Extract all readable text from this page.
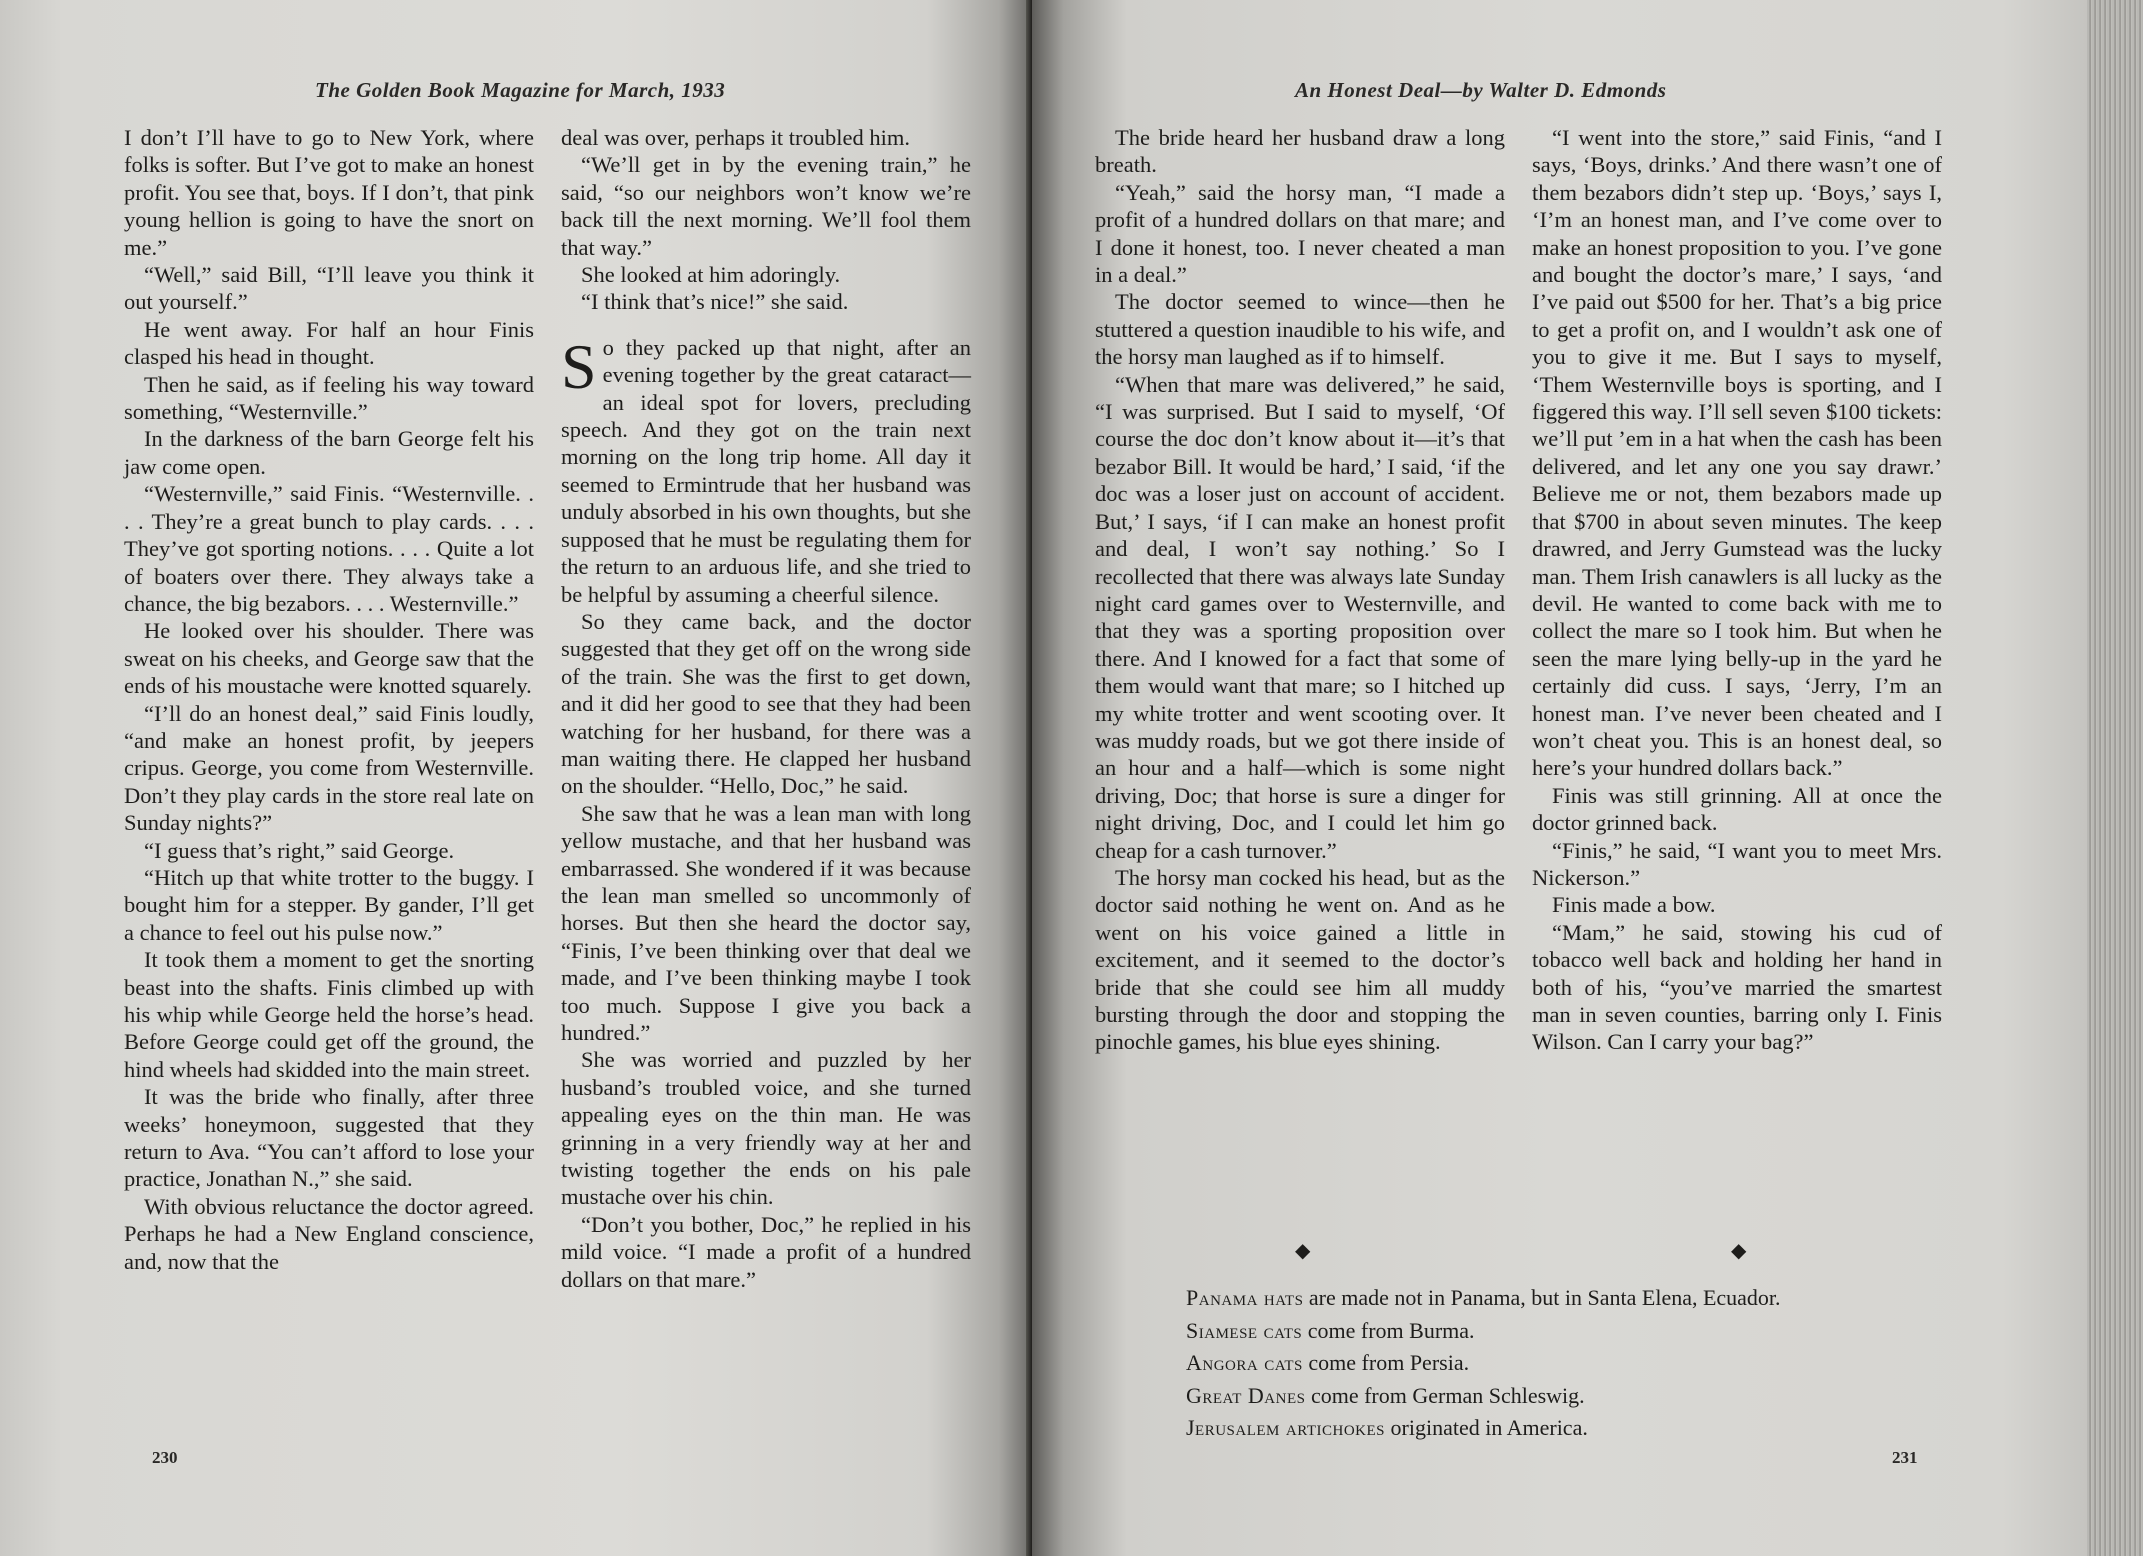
The Golden Book Magazine for March, 1933

I don’t I’ll have to go to New York, where folks is softer. But I’ve got to make an honest profit. You see that, boys. If I don’t, that pink young hellion is going to have the snort on me.”

“Well,” said Bill, “I’ll leave you think it out yourself.”

He went away. For half an hour Finis clasped his head in thought.

Then he said, as if feeling his way toward something, “Westernville.”

In the darkness of the barn George felt his jaw come open.

“Westernville,” said Finis. “Westernville. . . . They’re a great bunch to play cards. . . . They’ve got sporting notions. . . . Quite a lot of boaters over there. They always take a chance, the big bezabors. . . . Westernville.”

He looked over his shoulder. There was sweat on his cheeks, and George saw that the ends of his moustache were knotted squarely.

“I’ll do an honest deal,” said Finis loudly, “and make an honest profit, by jeepers cripus. George, you come from Westernville. Don’t they play cards in the store real late on Sunday nights?”

“I guess that’s right,” said George.

“Hitch up that white trotter to the buggy. I bought him for a stepper. By gander, I’ll get a chance to feel out his pulse now.”

It took them a moment to get the snorting beast into the shafts. Finis climbed up with his whip while George held the horse’s head. Before George could get off the ground, the hind wheels had skidded into the main street.

It was the bride who finally, after three weeks’ honeymoon, suggested that they return to Ava. “You can’t afford to lose your practice, Jonathan N.,” she said.

With obvious reluctance the doctor agreed. Perhaps he had a New England conscience, and, now that the

deal was over, perhaps it troubled him.

“We’ll get in by the evening train,” he said, “so our neighbors won’t know we’re back till the next morning. We’ll fool them that way.”

She looked at him adoringly.

“I think that’s nice!” she said.

So they packed up that night, after an evening together by the great cataract—an ideal spot for lovers, precluding speech. And they got on the train next morning on the long trip home. All day it seemed to Ermintrude that her husband was unduly absorbed in his own thoughts, but she supposed that he must be regulating them for the return to an arduous life, and she tried to be helpful by assuming a cheerful silence.

So they came back, and the doctor suggested that they get off on the wrong side of the train. She was the first to get down, and it did her good to see that they had been watching for her husband, for there was a man waiting there. He clapped her husband on the shoulder. “Hello, Doc,” he said.

She saw that he was a lean man with long yellow mustache, and that her husband was embarrassed. She wondered if it was because the lean man smelled so uncommonly of horses. But then she heard the doctor say, “Finis, I’ve been thinking over that deal we made, and I’ve been thinking maybe I took too much. Suppose I give you back a hundred.”

She was worried and puzzled by her husband’s troubled voice, and she turned appealing eyes on the thin man. He was grinning in a very friendly way at her and twisting together the ends on his pale mustache over his chin.

“Don’t you bother, Doc,” he replied in his mild voice. “I made a profit of a hundred dollars on that mare.”

230
An Honest Deal—by Walter D. Edmonds

The bride heard her husband draw a long breath.

“Yeah,” said the horsy man, “I made a profit of a hundred dollars on that mare; and I done it honest, too. I never cheated a man in a deal.”

The doctor seemed to wince—then he stuttered a question inaudible to his wife, and the horsy man laughed as if to himself.

“When that mare was delivered,” he said, “I was surprised. But I said to myself, ‘Of course the doc don’t know about it—it’s that bezabor Bill. It would be hard,’ I said, ‘if the doc was a loser just on account of accident. But,’ I says, ‘if I can make an honest profit and deal, I won’t say nothing.’ So I recollected that there was always late Sunday night card games over to Westernville, and that they was a sporting proposition over there. And I knowed for a fact that some of them would want that mare; so I hitched up my white trotter and went scooting over. It was muddy roads, but we got there inside of an hour and a half—which is some night driving, Doc; that horse is sure a dinger for night driving, Doc, and I could let him go cheap for a cash turnover.”

The horsy man cocked his head, but as the doctor said nothing he went on. And as he went on his voice gained a little in excitement, and it seemed to the doctor’s bride that she could see him all muddy bursting through the door and stopping the pinochle games, his blue eyes shining.

“I went into the store,” said Finis, “and I says, ‘Boys, drinks.’ And there wasn’t one of them bezabors didn’t step up. ‘Boys,’ says I, ‘I’m an honest man, and I’ve come over to make an honest proposition to you. I’ve gone and bought the doctor’s mare,’ I says, ‘and I’ve paid out $500 for her. That’s a big price to get a profit on, and I wouldn’t ask one of you to give it me. But I says to myself, ‘Them Westernville boys is sporting, and I figgered this way. I’ll sell seven $100 tickets: we’ll put ’em in a hat when the cash has been delivered, and let any one you say drawr.’ Believe me or not, them bezabors made up that $700 in about seven minutes. The keep drawred, and Jerry Gumstead was the lucky man. Them Irish canawlers is all lucky as the devil. He wanted to come back with me to collect the mare so I took him. But when he seen the mare lying belly-up in the yard he certainly did cuss. I says, ‘Jerry, I’m an honest man. I’ve never been cheated and I won’t cheat you. This is an honest deal, so here’s your hundred dollars back.”

Finis was still grinning. All at once the doctor grinned back.

“Finis,” he said, “I want you to meet Mrs. Nickerson.”

Finis made a bow.

“Mam,” he said, stowing his cud of tobacco well back and holding her hand in both of his, “you’ve married the smartest man in seven counties, barring only I. Finis Wilson. Can I carry your bag?”

◆	◆
231
Panama hats are made not in Panama, but in Santa Elena, Ecuador.
Siamese cats come from Burma.
Angora cats come from Persia.
Great Danes come from German Schleswig.
Jerusalem artichokes originated in America.
